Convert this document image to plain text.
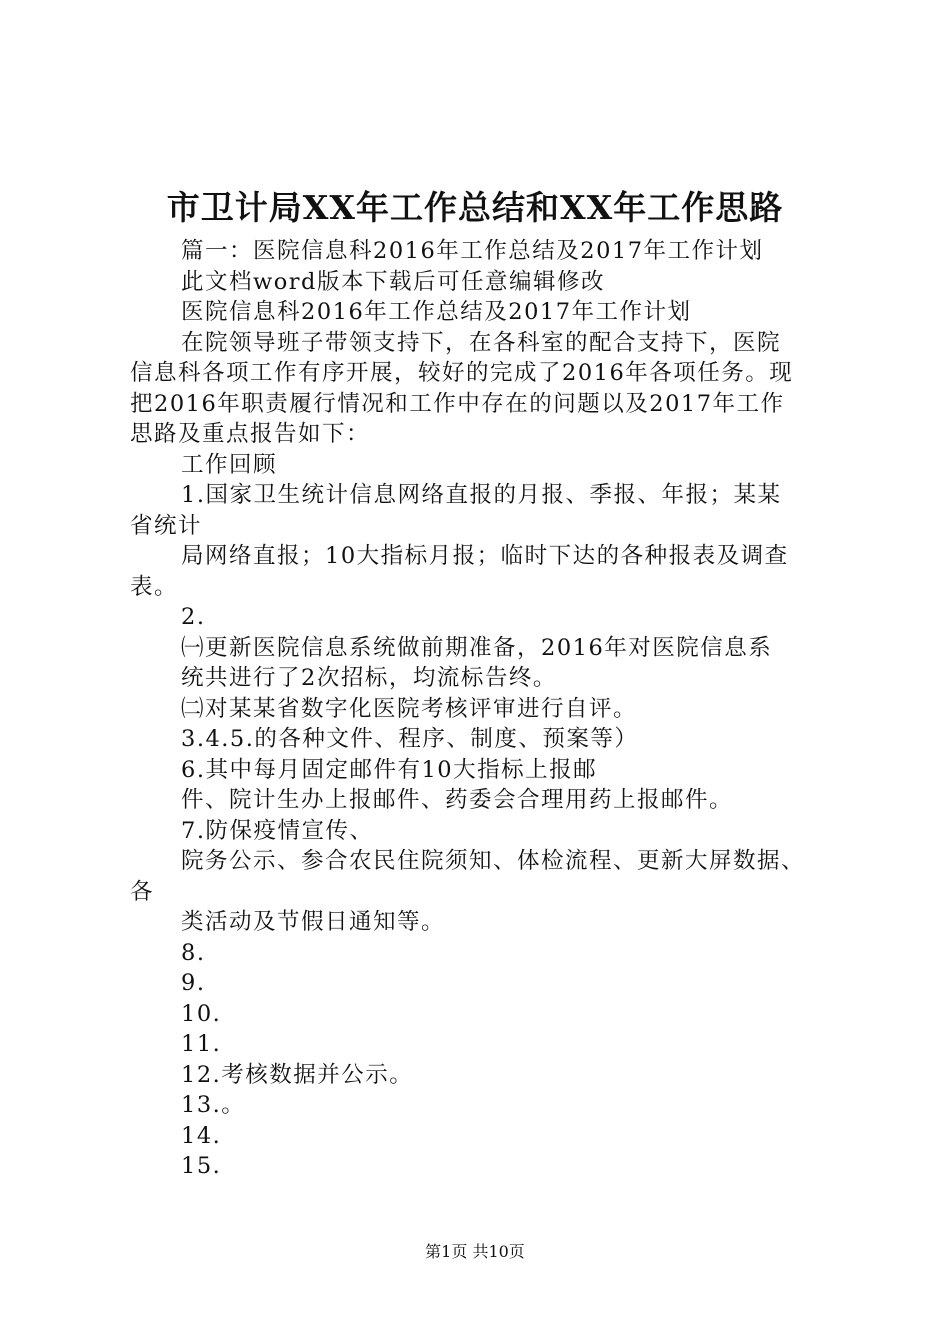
市卫计局XX年工作总结和XX年工作思路
篇一：医院信息科2016年工作总结及2017年工作计划
此文档word版本下载后可任意编辑修改
医院信息科2016年工作总结及2017年工作计划
在院领导班子带领支持下，在各科室的配合支持下，医院
信息科各项工作有序开展，较好的完成了2016年各项任务。现
把2016年职责履行情况和工作中存在的问题以及2017年工作
思路及重点报告如下：
工作回顾
1.国家卫生统计信息网络直报的月报、季报、年报；某某
省统计
局网络直报；10大指标月报；临时下达的各种报表及调查
表。
2.
㈠更新医院信息系统做前期准备，2016年对医院信息系
统共进行了2次招标，均流标告终。
㈡对某某省数字化医院考核评审进行自评。
3.4.5.的各种文件、程序、制度、预案等）
6.其中每月固定邮件有10大指标上报邮
件、院计生办上报邮件、药委会合理用药上报邮件。
7.防保疫情宣传、
院务公示、参合农民住院须知、体检流程、更新大屏数据、
各
类活动及节假日通知等。
8.
9.
10.
11.
12.考核数据并公示。
13.。
14.
15.
第1页 共10页
